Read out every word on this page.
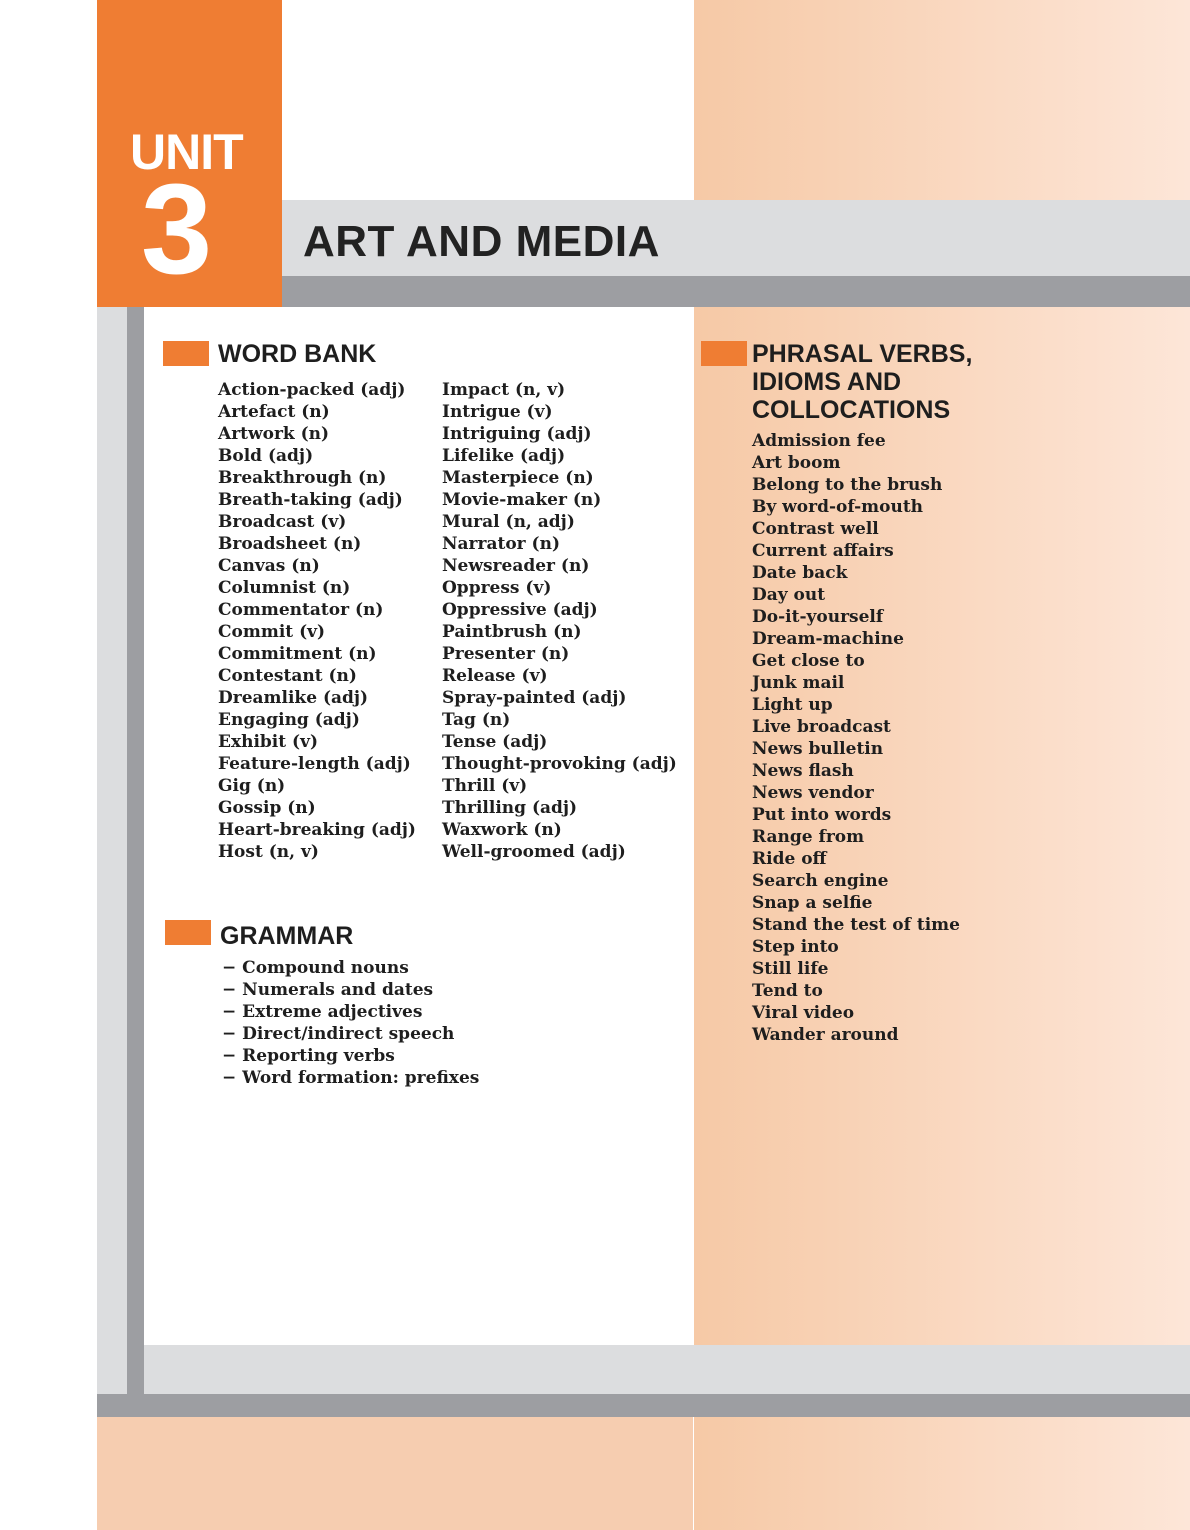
UNIT
3 ART AND MEDIA
WORD BANK
Action-packed (adj)
Artefact (n)
Artwork (n)
Bold (adj)
Breakthrough (n)
Breath-taking (adj)
Broadcast (v)
Broadsheet (n)
Canvas (n)
Columnist (n)
Commentator (n)
Commit (v)
Commitment (n)
Contestant (n)
Dreamlike (adj)
Engaging (adj)
Exhibit (v)
Feature-length (adj)
Gig (n)
Gossip (n)
Heart-breaking (adj)
Host (n, v)
Impact (n, v)
Intrigue (v)
Intriguing (adj)
Lifelike (adj)
Masterpiece (n)
Movie-maker (n)
Mural (n, adj)
Narrator (n)
Newsreader (n)
Oppress (v)
Oppressive (adj)
Paintbrush (n)
Presenter (n)
Release (v)
Spray-painted (adj)
Tag (n)
Tense (adj)
Thought-provoking (adj)
Thrill (v)
Thrilling (adj)
Waxwork (n)
Well-groomed (adj)
GRAMMAR
− Compound nouns
− Numerals and dates
− Extreme adjectives
− Direct/indirect speech
− Reporting verbs
− Word formation: prefixes
PHRASAL VERBS,
IDIOMS AND
COLLOCATIONS
Admission fee
Art boom
Belong to the brush
By word-of-mouth
Contrast well
Current affairs
Date back
Day out
Do-it-yourself
Dream-machine
Get close to
Junk mail
Light up
Live broadcast
News bulletin
News flash
News vendor
Put into words
Range from
Ride off
Search engine
Snap a selfie
Stand the test of time
Step into
Still life
Tend to
Viral video
Wander around
